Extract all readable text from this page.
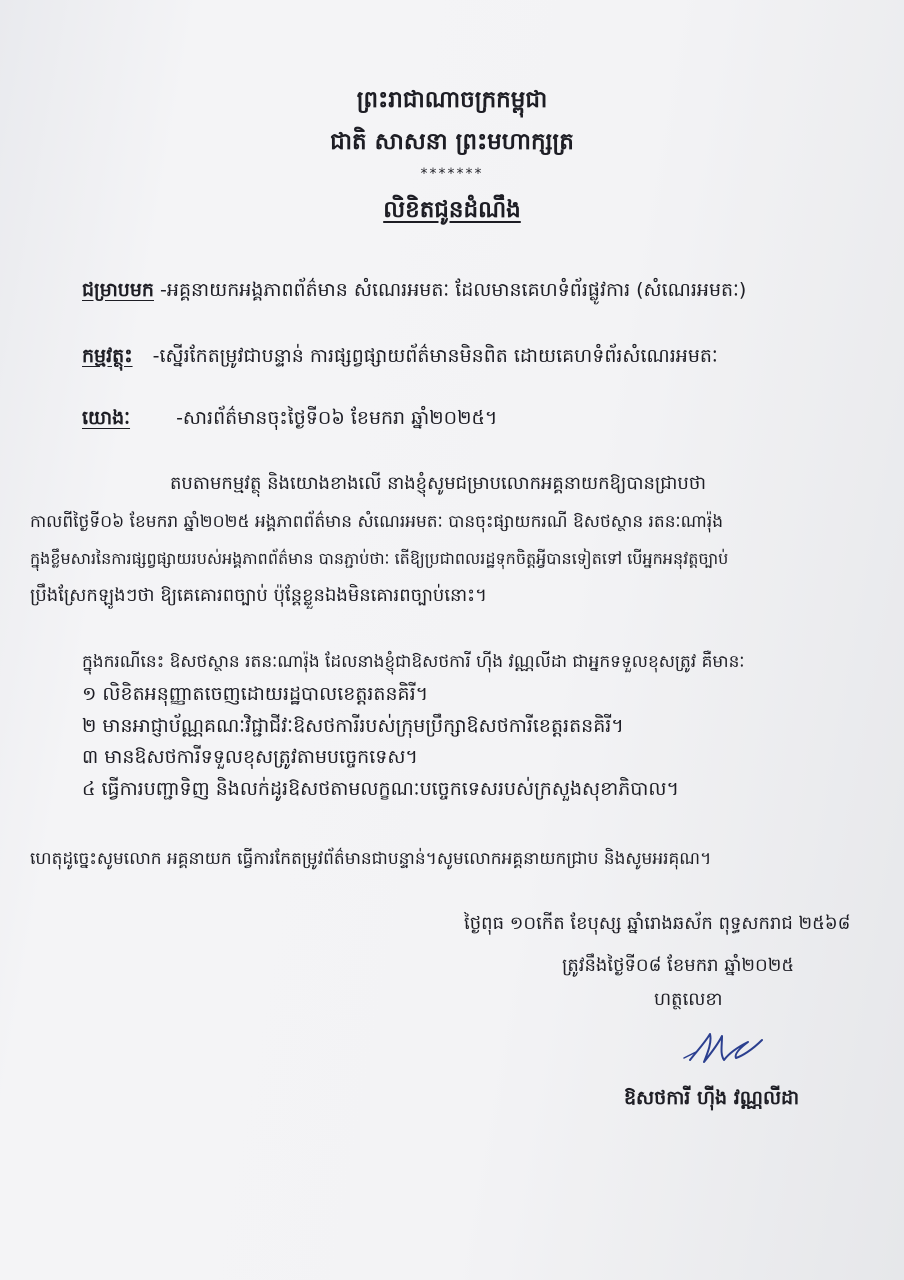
ព្រះរាជាណាចក្រកម្ពុជា
ជាតិ សាសនា ព្រះមហាក្សត្រ
*******
លិខិតជូនដំណឹង
ជម្រាបមក -អគ្គនាយកអង្គភាពព័ត៌មាន សំណេរអមតៈ ដែលមានគេហទំព័រផ្លូវការ (សំណេរអមតៈ)
កម្មវត្ថុះ -ស្នើរកែតម្រូវជាបន្ទាន់ ការផ្សព្វផ្សាយព័ត៌មានមិនពិត ដោយគេហទំព័រសំណេរអមតៈ
យោងៈ -សារព័ត៌មានចុះថ្ងៃទី០៦ ខែមករា ឆ្នាំ២០២៥។
តបតាមកម្មវត្ថុ និងយោងខាងលើ នាងខ្ញុំសូមជម្រាបលោកអគ្គនាយកឱ្យបានជ្រាបថា
កាលពីថ្ងៃទី០៦ ខែមករា ឆ្នាំ២០២៥ អង្គភាពព័ត៌មាន សំណេរអមតៈ បានចុះផ្សាយករណី ឱសថស្ថាន រតនៈណារ៉ុង
ក្នុងខ្លឹមសារនៃការផ្សព្វផ្សាយរបស់អង្គភាពព័ត៌មាន បានភ្ជាប់ថាៈ តើឱ្យប្រជាពលរដ្ឋទុកចិត្តអ្វីបានទៀតទៅ បើអ្នកអនុវត្តច្បាប់
ប្រឹងស្រែកឡូងៗថា ឱ្យគេគោរពច្បាប់ ប៉ុន្តែខ្លួនឯងមិនគោរពច្បាប់នោះ។
ក្នុងករណីនេះ ឱសថស្ថាន រតនៈណារ៉ុង ដែលនាងខ្ញុំជាឱសថការី ហ៊ីង វណ្ណលីដា ជាអ្នកទទួលខុសត្រូវ គឺមានៈ
១ លិខិតអនុញ្ញាតចេញដោយរដ្ឋបាលខេត្តរតនគិរី។
២ មានអាជ្ញាប័ណ្ណគណៈវិជ្ជាជីវៈឱសថការីរបស់ក្រុមប្រឹក្សាឱសថការីខេត្តរតនគិរី។
៣ មានឱសថការីទទួលខុសត្រូវតាមបច្ចេកទេស។
៤ ធ្វើការបញ្ជាទិញ និងលក់ដូរឱសថតាមលក្ខណៈបច្ចេកទេសរបស់ក្រសួងសុខាភិបាល។
ហេតុដូច្នេះសូមលោក អគ្គនាយក ធ្វើការកែតម្រូវព័ត៌មានជាបន្ទាន់។សូមលោកអគ្គនាយកជ្រាប និងសូមអរគុណ។
ថ្ងៃពុធ ១០កើត ខែបុស្ស ឆ្នាំរោងឆស័ក ពុទ្ធសករាជ ២៥៦៨
ត្រូវនឹងថ្ងៃទី០៨ ខែមករា ឆ្នាំ២០២៥
ហត្ថលេខា
ឱសថការី ហ៊ីង វណ្ណលីដា
